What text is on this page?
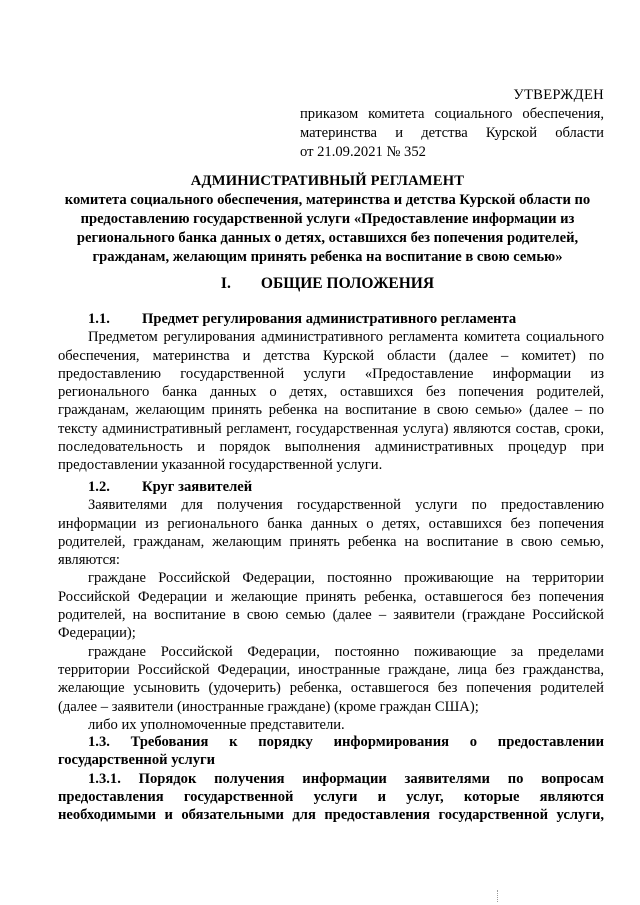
УТВЕРЖДЕН
приказом комитета социального обеспечения,
материнства и детства Курской области
от 21.09.2021 № 352
АДМИНИСТРАТИВНЫЙ РЕГЛАМЕНТ
комитета социального обеспечения, материнства и детства Курской области по
предоставлению государственной услуги «Предоставление информации из
регионального банка данных о детях, оставшихся без попечения родителей,
гражданам, желающим принять ребенка на воспитание в свою семью»
I. ОБЩИЕ ПОЛОЖЕНИЯ
1.1. Предмет регулирования административного регламента

Предметом регулирования административного регламента комитета социального обеспечения, материнства и детства Курской области (далее – комитет) по предоставлению государственной услуги «Предоставление информации из регионального банка данных о детях, оставшихся без попечения родителей, гражданам, желающим принять ребенка на воспитание в свою семью» (далее – по тексту административный регламент, государственная услуга) являются состав, сроки, последовательность и порядок выполнения административных процедур при предоставлении указанной государственной услуги.

1.2. Круг заявителей

Заявителями для получения государственной услуги по предоставлению информации из регионального банка данных о детях, оставшихся без попечения родителей, гражданам, желающим принять ребенка на воспитание в свою семью, являются:

граждане Российской Федерации, постоянно проживающие на территории Российской Федерации и желающие принять ребенка, оставшегося без попечения родителей, на воспитание в свою семью (далее – заявители (граждане Российской Федерации);

граждане Российской Федерации, постоянно поживающие за пределами территории Российской Федерации, иностранные граждане, лица без гражданства, желающие усыновить (удочерить) ребенка, оставшегося без попечения родителей (далее – заявители (иностранные граждане) (кроме граждан США);

либо их уполномоченные представители.

1.3. Требования к порядку информирования о предоставлении
государственной услуги
1.3.1. Порядок получения информации заявителями по вопросам
предоставления государственной услуги и услуг, которые являются
необходимыми и обязательными для предоставления государственной услуги,
